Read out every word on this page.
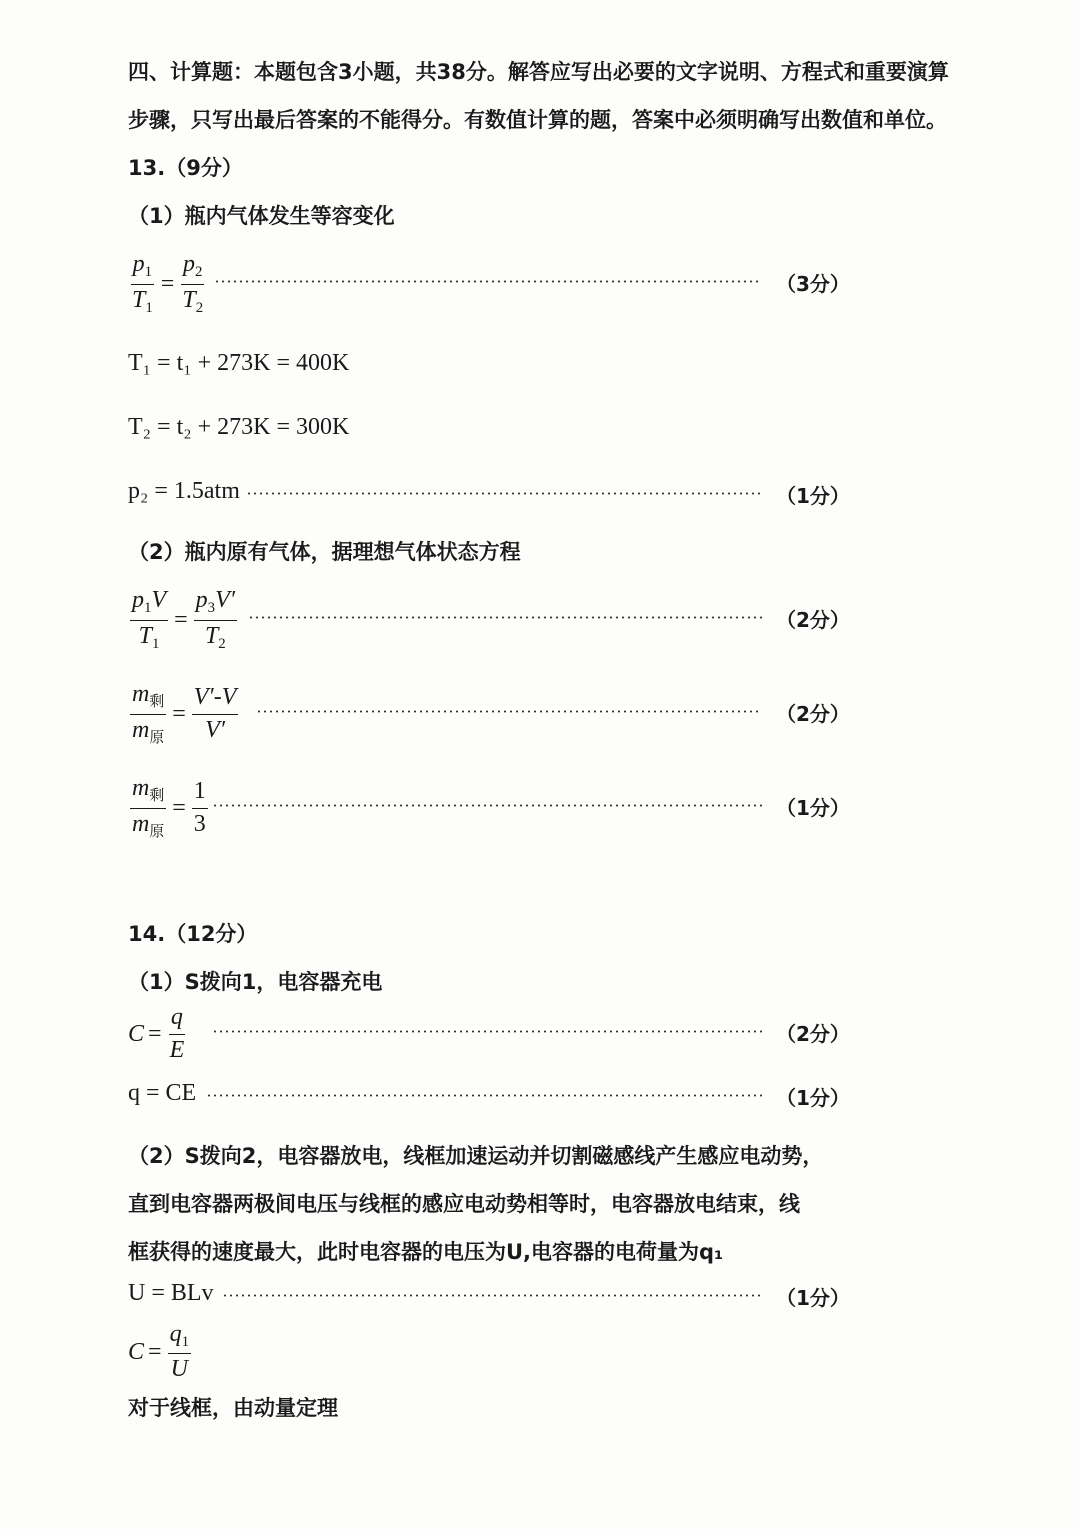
四、计算题：本题包含3小题，共38分。解答应写出必要的文字说明、方程式和重要演算
步骤，只写出最后答案的不能得分。有数值计算的题，答案中必须明确写出数值和单位。
13.（9分）
（1）瓶内气体发生等容变化
$\frac{p_1}{T_1} = \frac{p_2}{T_2}$	（3分）
T₁ = t₁ + 273K = 400K
T₂ = t₂ + 273K = 300K
p₂ = 1.5atm	（1分）
（2）瓶内原有气体，据理想气体状态方程
$\frac{p_1V}{T_1} = \frac{p_3V'}{T_2}$	（2分）
$\frac{m_剩}{m_原} = \frac{V'-V}{V'}$	（2分）
$\frac{m_剩}{m_原} = \frac{1}{3}$	（1分）
14.（12分）
（1）S拨向1，电容器充电
$C = \frac{q}{E}$	（2分）
q = CE	（1分）
（2）S拨向2，电容器放电，线框加速运动并切割磁感线产生感应电动势，
直到电容器两极间电压与线框的感应电动势相等时，电容器放电结束，线
框获得的速度最大，此时电容器的电压为U,电容器的电荷量为q₁
U = BLv	（1分）
$C = \frac{q_1}{U}$
对于线框，由动量定理
